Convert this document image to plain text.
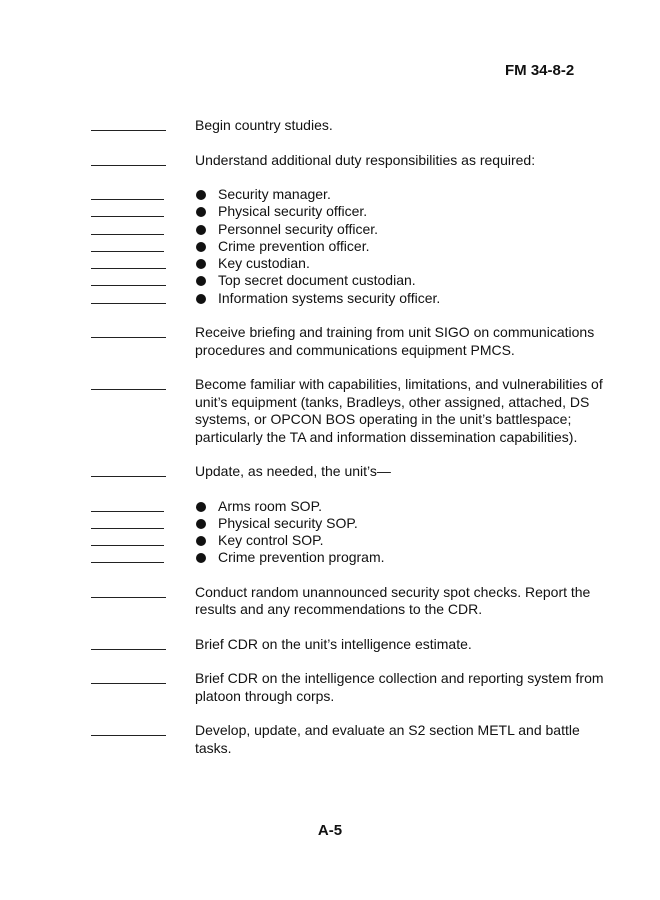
FM 34-8-2
Begin country studies.
Understand additional duty responsibilities as required:
Security manager.
Physical security officer.
Personnel security officer.
Crime prevention officer.
Key custodian.
Top secret document custodian.
Information systems security officer.
Receive briefing and training from unit SIGO on communications procedures and communications equipment PMCS.
Become familiar with capabilities, limitations, and vulnerabilities of unit’s equipment (tanks, Bradleys, other assigned, attached, DS systems, or OPCON BOS operating in the unit’s battlespace; particularly the TA and information dissemination capabilities).
Update, as needed, the unit’s—
Arms room SOP.
Physical security SOP.
Key control SOP.
Crime prevention program.
Conduct random unannounced security spot checks. Report the results and any recommendations to the CDR.
Brief CDR on the unit’s intelligence estimate.
Brief CDR on the intelligence collection and reporting system from platoon through corps.
Develop, update, and evaluate an S2 section METL and battle tasks.
A-5
